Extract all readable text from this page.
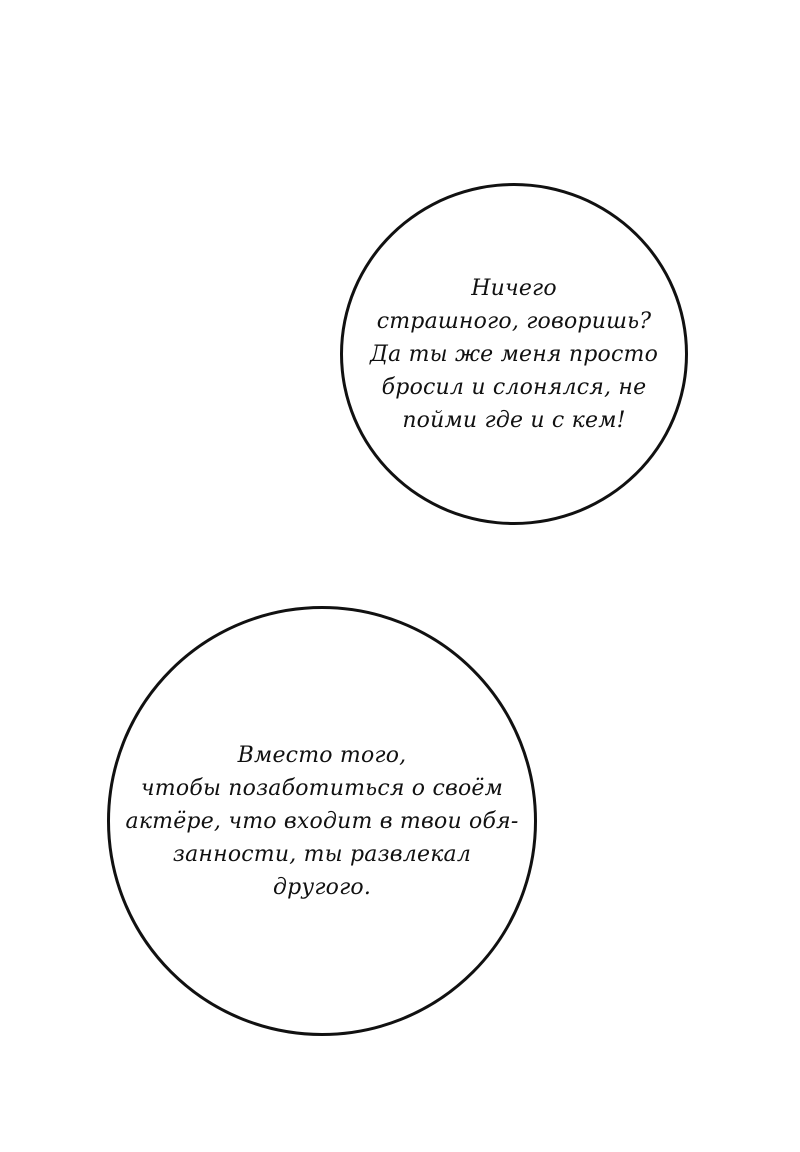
Ничего
страшного, говоришь?
Да ты же меня просто
бросил и слонялся, не
пойми где и с кем!
Вместо того,
чтобы позаботиться о своём
актёре, что входит в твои обя-
занности, ты развлекал
другого.
